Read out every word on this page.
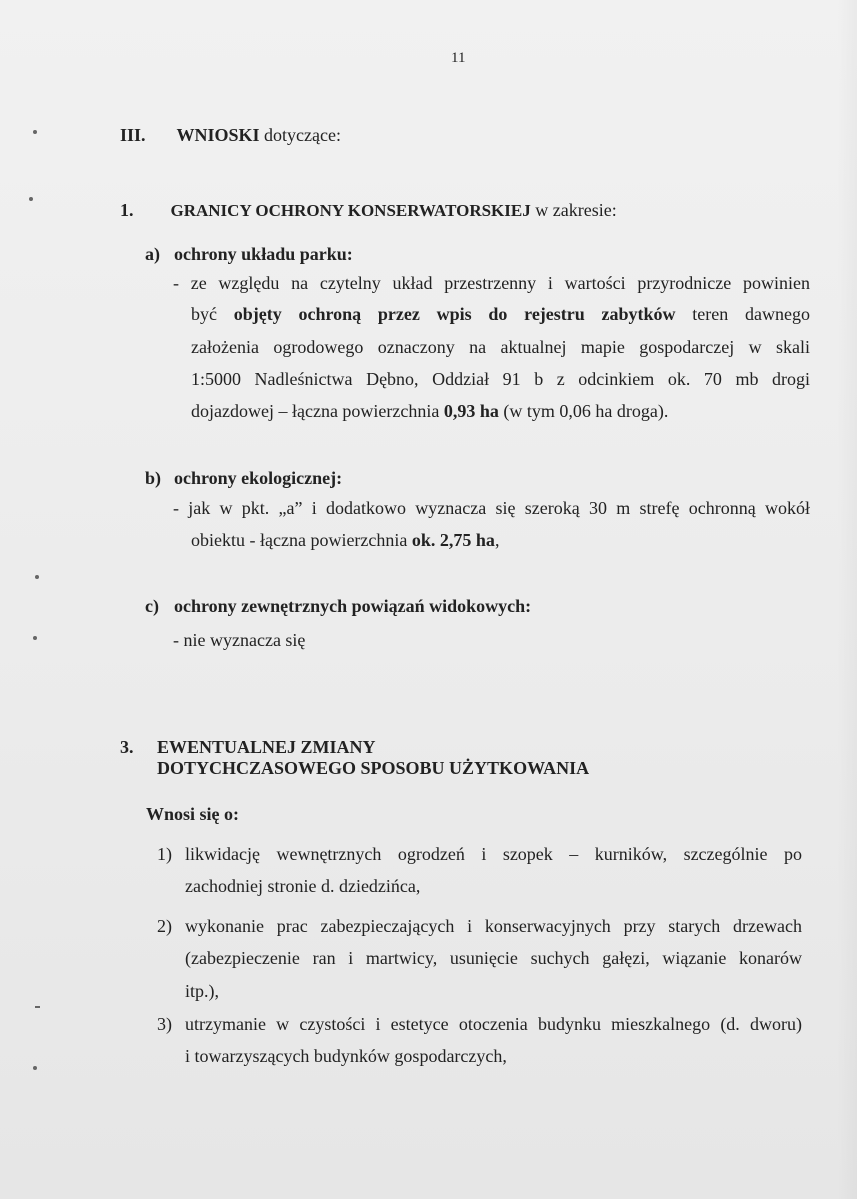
11
III. WNIOSKI dotyczące:
1. GRANICY OCHRONY KONSERWATORSKIEJ w zakresie:
a) ochrony układu parku:
- ze względu na czytelny układ przestrzenny i wartości przyrodnicze powinien
być objęty ochroną przez wpis do rejestru zabytków teren dawnego
założenia ogrodowego oznaczony na aktualnej mapie gospodarczej w skali
1:5000 Nadleśnictwa Dębno, Oddział 91 b z odcinkiem ok. 70 mb drogi
dojazdowej – łączna powierzchnia 0,93 ha (w tym 0,06 ha droga).
b) ochrony ekologicznej:
- jak w pkt. „a” i dodatkowo wyznacza się szeroką 30 m strefę ochronną wokół
obiektu - łączna powierzchnia ok. 2,75 ha,
c) ochrony zewnętrznych powiązań widokowych:
- nie wyznacza się
3. EWENTUALNEJ ZMIANY
DOTYCHCZASOWEGO SPOSOBU UŻYTKOWANIA
Wnosi się o:
1) likwidację wewnętrznych ogrodzeń i szopek – kurników, szczególnie po
zachodniej stronie d. dziedzińca,
2) wykonanie prac zabezpieczających i konserwacyjnych przy starych drzewach
(zabezpieczenie ran i martwicy, usunięcie suchych gałęzi, wiązanie konarów
itp.),
3) utrzymanie w czystości i estetyce otoczenia budynku mieszkalnego (d. dworu)
i towarzyszących budynków gospodarczych,
